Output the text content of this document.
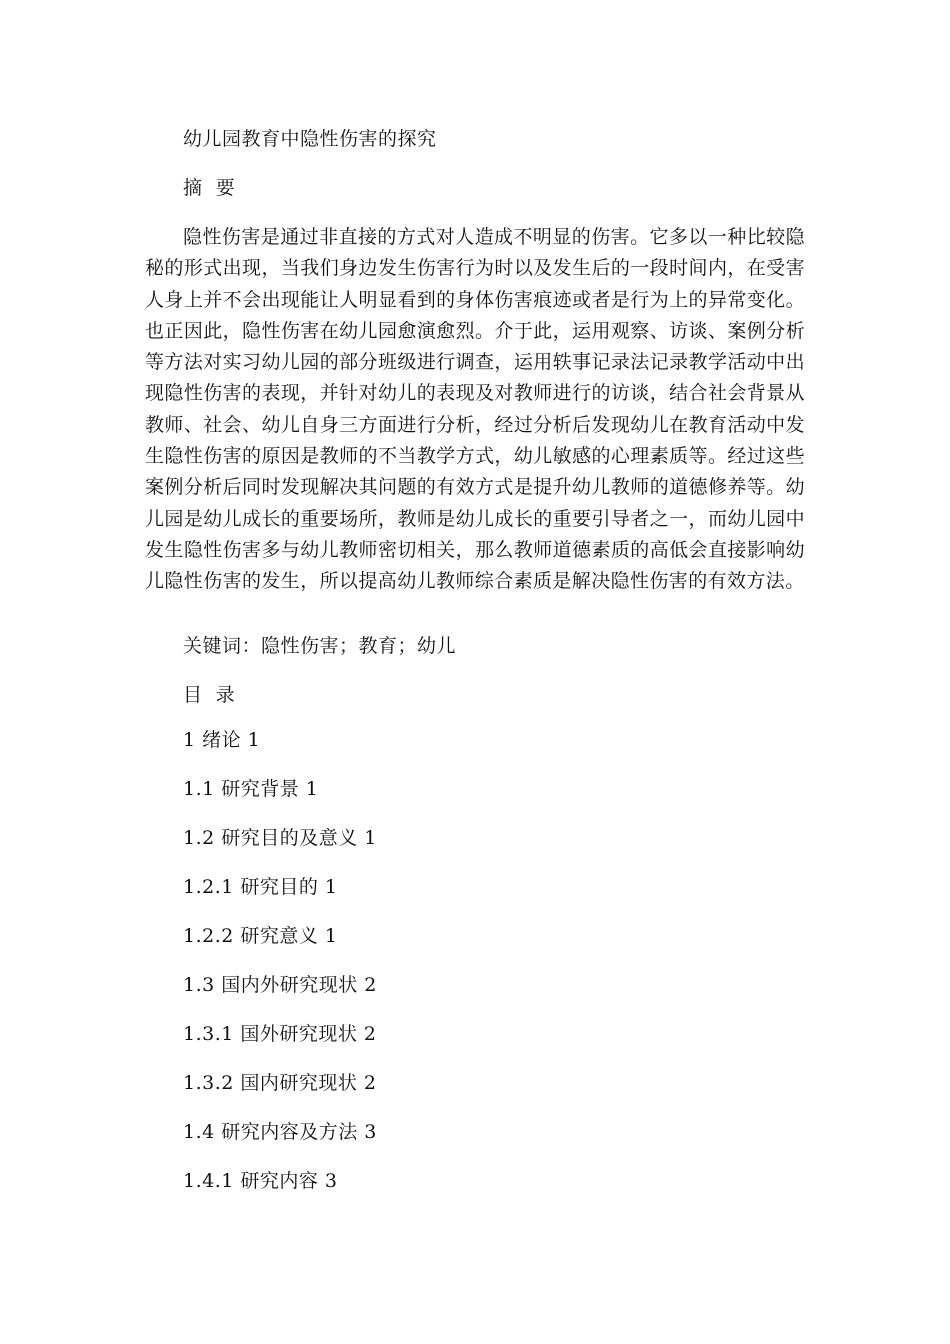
幼儿园教育中隐性伤害的探究
摘  要

隐性伤害是通过非直接的方式对人造成不明显的伤害。它多以一种比较隐秘的形式出现，当我们身边发生伤害行为时以及发生后的一段时间内，在受害人身上并不会出现能让人明显看到的身体伤害痕迹或者是行为上的异常变化。也正因此，隐性伤害在幼儿园愈演愈烈。介于此，运用观察、访谈、案例分析等方法对实习幼儿园的部分班级进行调查，运用轶事记录法记录教学活动中出现隐性伤害的表现，并针对幼儿的表现及对教师进行的访谈，结合社会背景从教师、社会、幼儿自身三方面进行分析，经过分析后发现幼儿在教育活动中发生隐性伤害的原因是教师的不当教学方式，幼儿敏感的心理素质等。经过这些案例分析后同时发现解决其问题的有效方式是提升幼儿教师的道德修养等。幼儿园是幼儿成长的重要场所，教师是幼儿成长的重要引导者之一，而幼儿园中发生隐性伤害多与幼儿教师密切相关，那么教师道德素质的高低会直接影响幼儿隐性伤害的发生，所以提高幼儿教师综合素质是解决隐性伤害的有效方法。

关键词：隐性伤害；教育；幼儿
目  录
1 绪论 1
1.1 研究背景 1
1.2 研究目的及意义 1
1.2.1 研究目的 1
1.2.2 研究意义 1
1.3 国内外研究现状 2
1.3.1 国外研究现状 2
1.3.2 国内研究现状 2
1.4 研究内容及方法 3
1.4.1 研究内容 3
